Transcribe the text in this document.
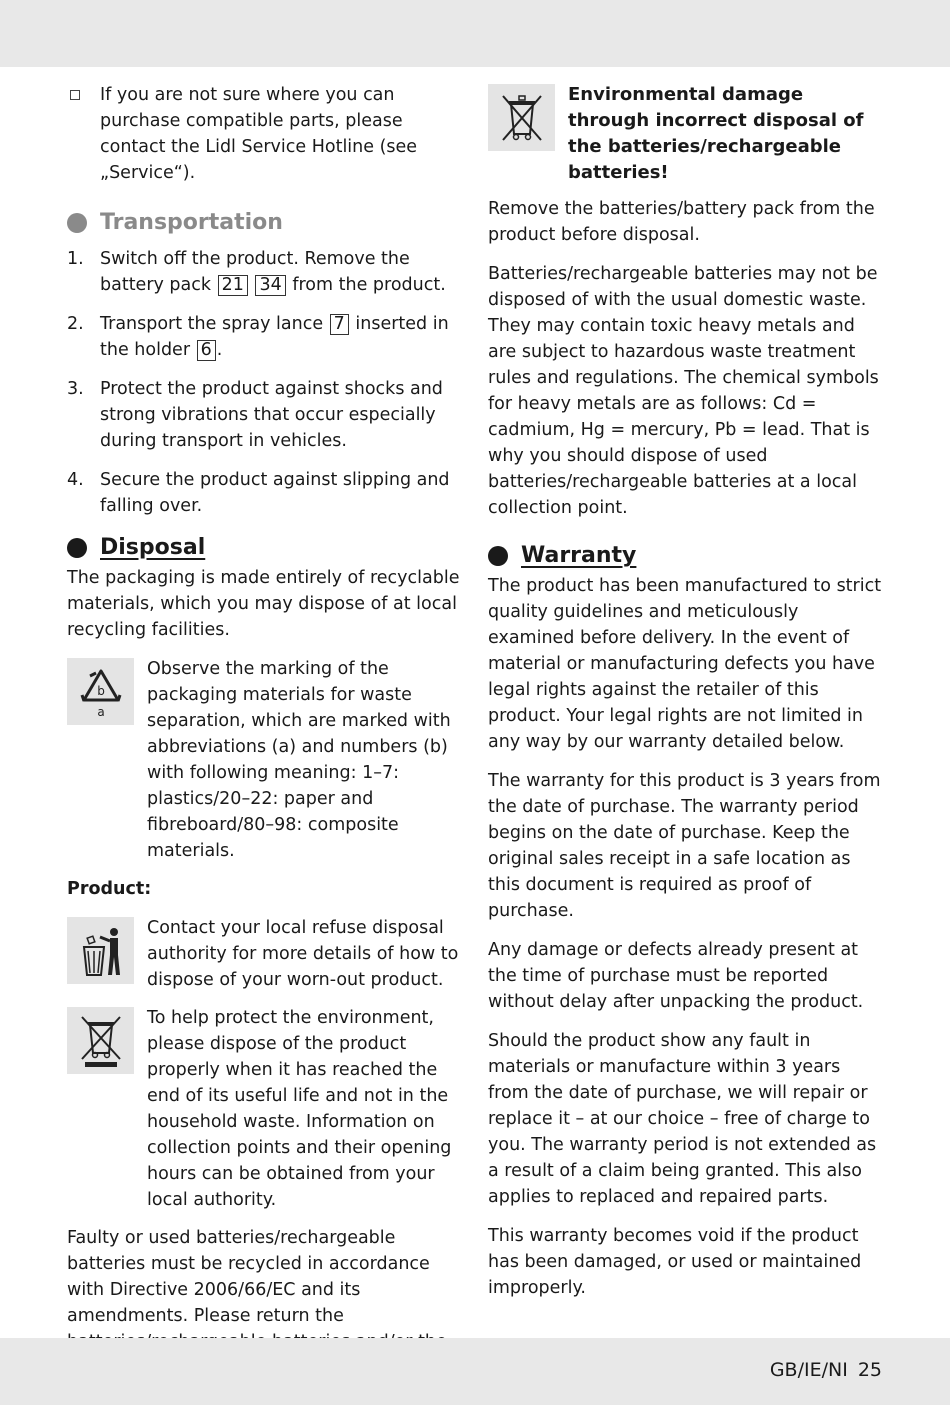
If you are not sure where you can purchase compatible parts, please contact the Lidl Service Hotline (see „Service“).
Transportation
1. Switch off the product. Remove the battery pack 21 34 from the product.
2. Transport the spray lance 7 inserted in the holder 6 .
3. Protect the product against shocks and strong vibrations that occur especially during transport in vehicles.
4. Secure the product against slipping and falling over.
Disposal

The packaging is made entirely of recyclable materials, which you may dispose of at local recycling facilities.

b
a
Observe the marking of the packaging materials for waste separation, which are marked with abbreviations (a) and numbers (b) with following meaning: 1–7: plastics/20–22: paper and fibreboard/80–98: composite materials.
Product:
Contact your local refuse disposal authority for more details of how to dispose of your worn-out product.
To help protect the environment, please dispose of the product properly when it has reached the end of its useful life and not in the household waste. Information on collection points and their opening hours can be obtained from your local authority.

Faulty or used batteries/rechargeable batteries must be recycled in accordance with Directive 2006/66/EC and its amendments. Please return the

Environmental damage through incorrect disposal of the batteries/rechargeable batteries!

Remove the batteries/battery pack from the product before disposal.

Batteries/rechargeable batteries may not be disposed of with the usual domestic waste. They may contain toxic heavy metals and are subject to hazardous waste treatment rules and regulations. The chemical symbols for heavy metals are as follows: Cd = cadmium, Hg = mercury, Pb = lead. That is why you should dispose of used batteries/rechargeable batteries at a local collection point.

Warranty

The product has been manufactured to strict quality guidelines and meticulously examined before delivery. In the event of material or manufacturing defects you have legal rights against the retailer of this product. Your legal rights are not limited in any way by our warranty detailed below.

The warranty for this product is 3 years from the date of purchase. The warranty period begins on the date of purchase. Keep the original sales receipt in a safe location as this document is required as proof of purchase.

Any damage or defects already present at the time of purchase must be reported without delay after unpacking the product.

Should the product show any fault in materials or manufacture within 3 years from the date of purchase, we will repair or replace it – at our choice – free of charge to you. The warranty period is not extended as a result of a claim being granted. This also applies to replaced and repaired parts.

This warranty becomes void if the product has been damaged, or used or maintained improperly.

GB/IE/NI 25
